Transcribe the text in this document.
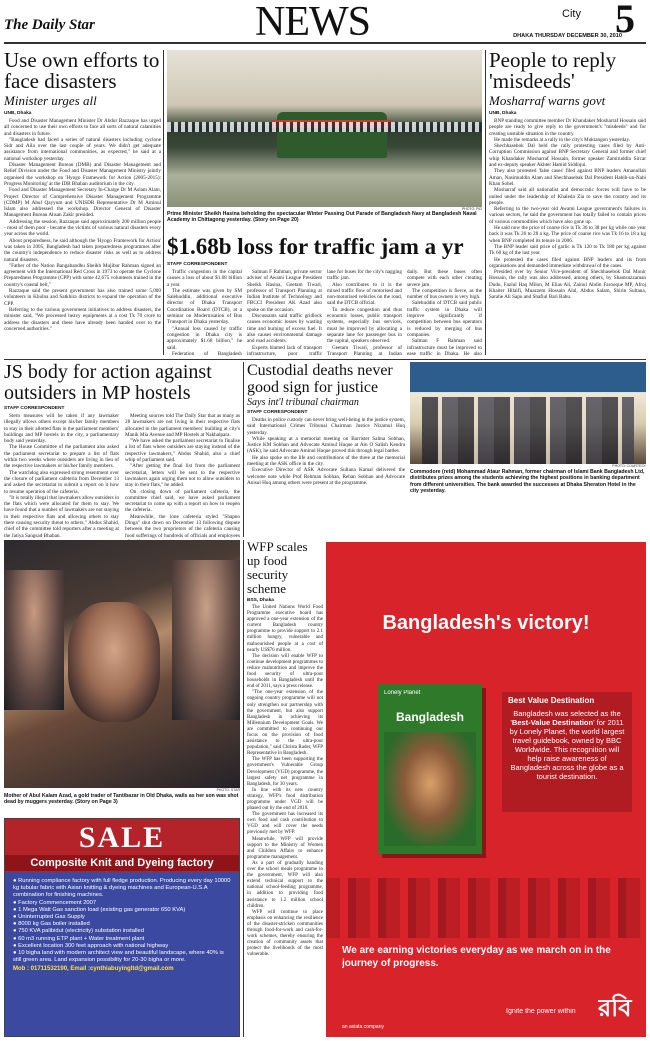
The Daily Star	NEWS	City 5
DHAKA THURSDAY DECEMBER 30, 2010
Use own efforts to face disasters
Minister urges all
UNB, Dhaka

Food and Disaster Management Minister Dr Abdur Razzaque has urged all concerned to use their own efforts to face all sorts of natural calamities and disasters in future.

"Bangladesh had faced a series of natural disasters including cyclone Sidr and Aila over the last couple of years. We didn't get adequate assistance from international communities, as expected," he said at a national workshop yesterday.

Disaster Management Bureau (DMB) and Disaster Management and Relief Division under the Food and Disaster Management Ministry jointly organised the workshop on 'Hyogo Framework for Action (2005-2015): Progress Monitoring' at the IDB Bhaban auditorium in the city.

Food and Disaster Management Secretary In-Charge Dr M Aslam Alam, Project Director of Comprehensive Disaster Management Programme (CDMP) M Abul Qayyum and UNISDR Representative Dr M Aminul Islam also addressed the workshop. Director General of Disaster Management Bureau Ahsan Zakir presided.

Addressing the session, Razzaque said approximately 200 million people - most of them poor - became the victims of various natural disasters every year across the world.

About preparedness, he said although the 'Hyogo Framework for Action' was taken in 2005, Bangladesh had taken preparedness programmes after the country's independence to reduce disaster risks as well as to address natural disasters.

"Father of the Nation Bangabandhu Sheikh Mujibur Rahman signed an agreement with the International Red Cross in 1973 to operate the Cyclone Preparedness Programme (CPP) with some 42,675 volunteers trained in the country's coastal belt,"

Razzaque said the present government has also trained some 5,000 volunteers in Khulna and Satkhira districts to expand the operation of the CPP.

Referring to the various government initiatives to address disasters, the minister said, "We processed heavy equipments at a cost Tk 70 crore to address the disasters and these have already been handed over to the concerned authorities."

PHOTO: PID
Prime Minister Sheikh Hasina beholding the spectacular Winter Passing Out Parade of Bangladesh Navy at Bangladesh Naval Academy in Chittagong yesterday. (Story on Page 20)
People to reply 'misdeeds'
Mosharraf warns govt
UNB, Dhaka

BNP standing committee member Dr Khandaker Mosharraf Hossain said people are ready to give reply to the government's "misdeeds" and for creating unstable situation in the country.

He made the remarks at a rally in the city's Muktangon yesterday.

Shechhasebok Dal held the rally protesting cases filed by Anti-Corruption Commission against BNP Secretary General and former chief whip Khandaker Mosharraf Hossain, former speaker Zamiruddin Sircar and ex-deputy speaker Akhter Hamid Siddiqui.

They also protested 'false cases' filed against BNP leaders Amanullah Aman, Nasimuddin Alam and Shechhasebak Dal President Habib-un-Nabi Khan Sohel.

Mosharraf said all nationalist and democratic forces will have to be united under the leadership of Khaleda Zia to save the country and its people.

Referring to the two-year old Awami League government's failures in various sectors, he said the government has totally failed to contain prices of various commodities which have also gone up.

He said now the price of coarse rice is Tk 36 to 38 per kg while one year back it was Tk 26 to 28 a kg. The price of coarse rice was Tk 16 to 18 a kg when BNP completed its tenure in 2006.

The BNP leader said price of garlic is Tk 120 to Tk 180 per kg against Tk 60 kg of the last year.

He protested the cases filed against BNP leaders and its front organisations and demanded immediate withdrawal of the cases.

Presided over by Senior Vice-president of Shechhasebok Dal Monir Hossain, the rally was also addressed, among others, by Shamsuzzaman Dudu, Fazlul Haq Milon, M Elias Ali, Zainul Abdin Farooque MP, Afroj Khaiter Hilaifi, Muazzem Hossain Alal, Abdus Salam, Shirin Sultana, Sarahe Ali Sapu and Shafiul Bari Babu.

$1.68b loss for traffic jam a yr
STAFF CORRESPONDENT

Traffic congestion in the capital causes a loss of about $1.68 billion a year.

The estimate was given by SM Salehuddin, additional executive director of Dhaka Transport Coordination Board (DTCB), at a seminar on Modernisation of Bus Transport in Dhaka yesterday.

"Annual loss caused by traffic congestion in Dhaka city is approximately $1.68 billion," he said.

Federation of Bangladesh

Salman F Rahman, private sector adviser of Awami League President Sheikh Hasina, Geetam Tiwari, professor of Transport Planning at Indian Institute of Technology and FBCCI President AK Azad also spoke on the occasion.

Discussants said traffic gridlock causes economic losses by wasting time and burning of excess fuel. It also causes environmental damage and road accidents.

Experts blamed lack of transport infrastructure, poor traffic lane for buses for the city's nagging traffic jam.

Also contributes to it is the mixed traffic flow of motorised and non-motorised vehicles on the road, said the DTCB official.

To reduce congestion and thus economic losses, public transport systems, especially bus services, must be improved by allocating a separate lane for passenger bus in the capital, speakers observed.

Geetam Tiwari, professor of Transport Planning at Indian

daily. But these buses often compete with each other creating severe jam.

The competition is fierce, as the number of bus owners is very high.

Salehuddin of DTCB said public traffic system in Dhaka will improve significantly if competition between bus operators is reduced by merging of bus companies.

Salman F Rahman said infrastructure must be improved to ease traffic in Dhaka. He also

JS body for action against outsiders in MP hostels
STAFF CORRESPONDENT

Stern measures will be taken if any lawmaker illegally allows others except his/her family members to stay in their allotted flats in the parliament members' buildings and MP hostels in the city, a parliamentary body said yesterday.

The House Committee of the parliament also asked the parliament secretariat to prepare a list of flats within two weeks where outsiders are living in lieu of the respective lawmakers or his/her family members.

The watchdog also expressed strong resentment over the closure of parliament cafeteria from December 13 and asked the secretariat to submit a report on it how to resume operation of the cafeteria.

"It is totally illegal that lawmakers allow outsiders in the flats which were allocated for them to stay. We have found that a number of lawmakers are not staying in their respective flats and allowing others to stay there causing security threat to others," Abdus Shahid, chief of the committee told reporters after a meeting at the Jatiya Sangsad Bhaban.

Meeting sources told The Daily Star that as many as 28 lawmakers are not living in their respective flats allocated in the parliament members' building at city's Manik Mia Avenue and MP Hostels at Nakhalpara.

"We have asked the parliament secretariat to finalise a list of flats where outsiders are staying instead of the respective lawmakers," Abdus Shahid, also a chief whip of parliament said.

"After getting the final list from the parliament secretariat, letters will be sent to the respective lawmakers again urging them not to allow outsiders to stay in their flats," he added.

On closing down of parliament cafeteria, the committee chief said, we have asked parliament secretariat to come up with a report on how to reopen the cafeteria.

Meanwhile, the lone cafeteria styled "Shapno Dinga" shut down on December 13 following dispute between the two proprietors of the cafeteria causing food sufferings of hundreds of officials and employees

Custodial deaths never good sign for justice
Says int'l tribunal chairman
STAFF CORRESPONDENT

Deaths in police custody can never bring well-being in the justice system, said International Crimes Tribunal Chairman Justice Nizamul Huq yesterday.

While speaking at a memorial meeting on Barrister Salma Sobhan, Justice KM Sobhan and Advocate Aminul Haque at Ain O Salish Kendra (ASK), he said Advocate Aminul Haque proved this through legal battles.

He also spoke on the life and contributions of the three at the memorial meeting at the ASK office in the city.

Executive Director of ASK Advocate Sultana Kamal delivered the welcome note while Prof Rehman Sobhan, Rehan Sobhan and Advocate Anisul Huq among others were present at the programme.

PHOTO: COURTESY
Commodore (retd) Mohammad Ataur Rahman, former chairman of Islami Bank Bangladesh Ltd, distributes prizes among the students achieving the highest positions in banking department from different universities. The bank awarded the successes at Dhaka Sheraton Hotel in the city yesterday.
PHOTO: STAR
Mother of Abul Kalam Azad, a gold trader of Tantibazar in Old Dhaka, wails as her son was shot dead by muggers yesterday. (Story on Page 3)
SALE
Composite Knit and Dyeing factory
● Running compliance factory with full fledge production. Producing every day 10000 kg tubular fabric with Asian knitting & dyeing machines and European-U.S.A combination for finishing machines.
● Factory Commencement 2007
● 1 Mega Watt Gas sanction load (existing gas generator 650 KVA)
● Uninterrupted Gas Supply
● 8000 kg Gas boiler installed
● 750 KVA palibidut (electricity) substation installed
● 60 m3 running ETP plant + Water treatment plant
● Excellent location 300 feet approach with national highway
● 10 bigha land with modern architect view and beautiful landscape, where 40% is still green area. Land expansion possibility for 20-30 bigha or more.
Mob : 01711532190, Email :cynthiabuyingltd@gmail.com
WFP scales up food security scheme
BSS, Dhaka

The United Nations World Food Programme executive board has approved a one-year extension of the current Bangladesh country programme to provide support to 2.1 million hungry, vulnerable and malnourished people at a cost of nearly US$76 million.

The decision will enable WFP to continue development programmes to reduce malnutrition and improve the food security of ultra-poor households in Bangladesh until the end of 2011, says a press release.

"The one-year extension of the ongoing country programme will not only strengthen our partnership with the government, but also support Bangladesh in achieving its Millennium Development Goals. We are committed to continuing our focus on the provision of food assistance to the ultra-poor population," said Christa Rader, WFP Representative in Bangladesh.

The WFP has been supporting the government's Vulnerable Group Development (VGD) programme, the largest safety net programme in Bangladesh, for 30 years.

In line with its new country strategy, WFP's food distribution programme under VGD will be phased out by the end of 2010.

The government has increased its own food and cash contribution to VGD and will cover the needs previously met by WFP.

Meanwhile, WFP will provide support to the Ministry of Women and Children Affairs to enhance programme management.

As a part of gradually handing over the school meals programme to the government, WFP will also extend technical support to the national school-feeding programme, in addition to providing food assistance to 1.2 million school children.

WFP will continue to place emphasis on enhancing the resilience of the disaster-stricken communities through food-for-work and cash-for-work schemes, thereby ensuring the creation of community assets that protect the livelihoods of the most vulnerable.

Bangladesh's victory!
Lonely Planet
Bangladesh
Best Value Destination
Bangladesh was selected as the 'Best-Value Destination' for 2011 by Lonely Planet, the world largest travel guidebook, owned by BBC Worldwide. This recognition will help raise awareness of Bangladesh across the globe as a tourist destination.
We are earning victories everyday as we march on in the journey of progress.
Ignite the power within রবি
an axiata company
